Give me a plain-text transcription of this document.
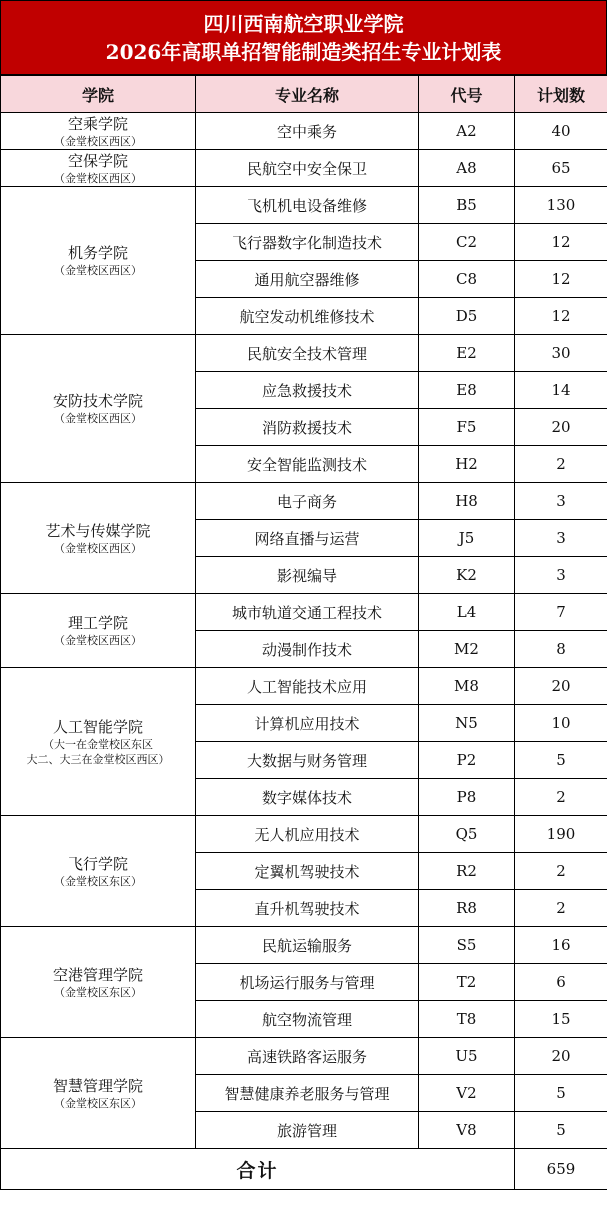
四川西南航空职业学院
2026年高职单招智能制造类招生专业计划表
学院	专业名称	代号	计划数

空乘学院
（金堂校区西区）	空中乘务	A2	40

空保学院
（金堂校区西区）	民航空中安全保卫	A8	65

机务学院
（金堂校区西区）	飞机机电设备维修	B5	130
	飞行器数字化制造技术	C2	12
	通用航空器维修	C8	12
	航空发动机维修技术	D5	12

安防技术学院
（金堂校区西区）	民航安全技术管理	E2	30
	应急救援技术	E8	14
	消防救援技术	F5	20
	安全智能监测技术	H2	2

艺术与传媒学院
（金堂校区西区）	电子商务	H8	3
	网络直播与运营	J5	3
	影视编导	K2	3

理工学院
（金堂校区西区）	城市轨道交通工程技术	L4	7
	动漫制作技术	M2	8

人工智能学院
（大一在金堂校区东区
大二、大三在金堂校区西区）	人工智能技术应用	M8	20
	计算机应用技术	N5	10
	大数据与财务管理	P2	5
	数字媒体技术	P8	2

飞行学院
（金堂校区东区）	无人机应用技术	Q5	190
	定翼机驾驶技术	R2	2
	直升机驾驶技术	R8	2

空港管理学院
（金堂校区东区）	民航运输服务	S5	16
	机场运行服务与管理	T2	6
	航空物流管理	T8	15

智慧管理学院
（金堂校区东区）	高速铁路客运服务	U5	20
	智慧健康养老服务与管理	V2	5
	旅游管理	V8	5
合计			659
